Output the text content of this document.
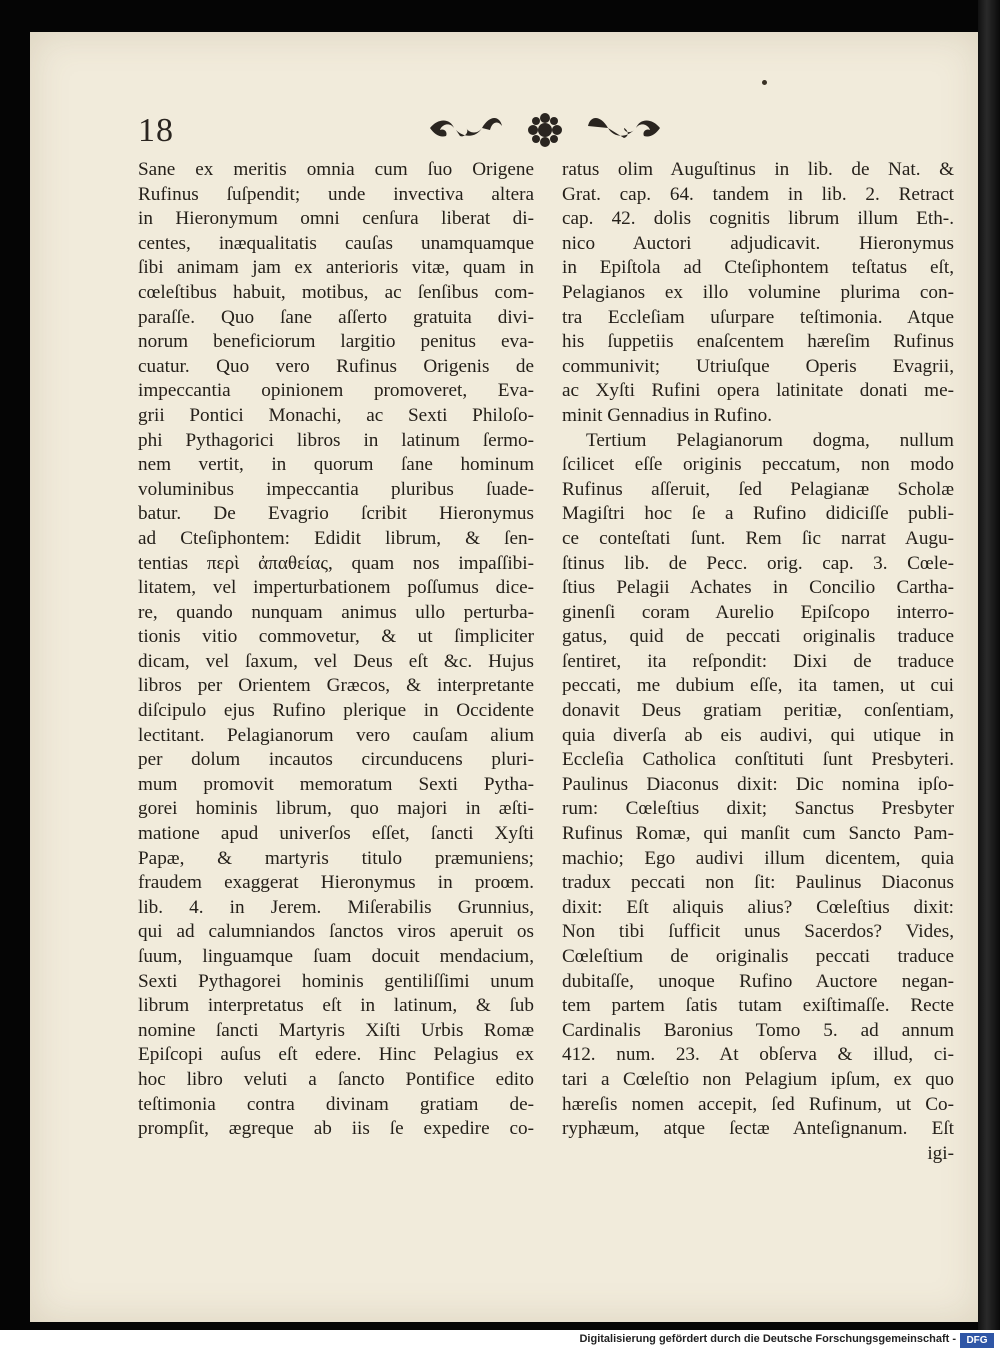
18
Sane ex meritis omnia cum ſuo Origene
Rufinus ſuſpendit; unde invectiva altera
in Hieronymum omni cenſura liberat di-
centes, inæqualitatis cauſas unamquamque
ſibi animam jam ex anterioris vitæ, quam in
cœleſtibus habuit, motibus, ac ſenſibus com-
paraſſe. Quo ſane aſſerto gratuita divi-
norum beneficiorum largitio penitus eva-
cuatur. Quo vero Rufinus Origenis de
impeccantia opinionem promoveret, Eva-
grii Pontici Monachi, ac Sexti Philoſo-
phi Pythagorici libros in latinum ſermo-
nem vertit, in quorum ſane hominum
voluminibus impeccantia pluribus ſuade-
batur. De Evagrio ſcribit Hieronymus
ad Cteſiphontem: Edidit librum, & ſen-
tentias περὶ ἀπαθείας, quam nos impaſſibi-
litatem, vel imperturbationem poſſumus dice-
re, quando nunquam animus ullo perturba-
tionis vitio commovetur, & ut ſimpliciter
dicam, vel ſaxum, vel Deus eſt &c. Hujus
libros per Orientem Græcos, & interpretante
diſcipulo ejus Rufino plerique in Occidente
lectitant. Pelagianorum vero cauſam alium
per dolum incautos circunducens pluri-
mum promovit memoratum Sexti Pytha-
gorei hominis librum, quo majori in æſti-
matione apud univerſos eſſet, ſancti Xyſti
Papæ, & martyris titulo præmuniens;
fraudem exaggerat Hieronymus in proœm.
lib. 4. in Jerem. Miſerabilis Grunnius,
qui ad calumniandos ſanctos viros aperuit os
ſuum, linguamque ſuam docuit mendacium,
Sexti Pythagorei hominis gentiliſſimi unum
librum interpretatus eſt in latinum, & ſub
nomine ſancti Martyris Xiſti Urbis Romæ
Epiſcopi auſus eſt edere. Hinc Pelagius ex
hoc libro veluti a ſancto Pontifice edito
teſtimonia contra divinam gratiam de-
prompſit, ægreque ab iis ſe expedire co-
ratus olim Auguſtinus in lib. de Nat. &
Grat. cap. 64. tandem in lib. 2. Retract
cap. 42. dolis cognitis librum illum Eth-.
nico Auctori adjudicavit. Hieronymus
in Epiſtola ad Cteſiphontem teſtatus eſt,
Pelagianos ex illo volumine plurima con-
tra Eccleſiam uſurpare teſtimonia. Atque
his ſuppetiis enaſcentem hæreſim Rufinus
communivit; Utriuſque Operis Evagrii,
ac Xyſti Rufini opera latinitate donati me-
minit Gennadius in Rufino.
Tertium Pelagianorum dogma, nullum
ſcilicet eſſe originis peccatum, non modo
Rufinus aſſeruit, ſed Pelagianæ Scholæ
Magiſtri hoc ſe a Rufino didiciſſe publi-
ce conteſtati ſunt. Rem ſic narrat Augu-
ſtinus lib. de Pecc. orig. cap. 3. Cœle-
ſtius Pelagii Achates in Concilio Cartha-
ginenſi coram Aurelio Epiſcopo interro-
gatus, quid de peccati originalis traduce
ſentiret, ita reſpondit: Dixi de traduce
peccati, me dubium eſſe, ita tamen, ut cui
donavit Deus gratiam peritiæ, conſentiam,
quia diverſa ab eis audivi, qui utique in
Eccleſia Catholica conſtituti ſunt Presbyteri.
Paulinus Diaconus dixit: Dic nomina ipſo-
rum: Cœleſtius dixit; Sanctus Presbyter
Rufinus Romæ, qui manſit cum Sancto Pam-
machio; Ego audivi illum dicentem, quia
tradux peccati non ſit: Paulinus Diaconus
dixit: Eſt aliquis alius? Cœleſtius dixit:
Non tibi ſufficit unus Sacerdos? Vides,
Cœleſtium de originalis peccati traduce
dubitaſſe, unoque Rufino Auctore negan-
tem partem ſatis tutam exiſtimaſſe. Recte
Cardinalis Baronius Tomo 5. ad annum
412. num. 23. At obſerva & illud, ci-
tari a Cœleſtio non Pelagium ipſum, ex quo
hæreſis nomen accepit, ſed Rufinum, ut Co-
ryphæum, atque ſectæ Anteſignanum. Eſt
igi-
Digitalisierung gefördert durch die Deutsche Forschungsgemeinschaft -	DFG
